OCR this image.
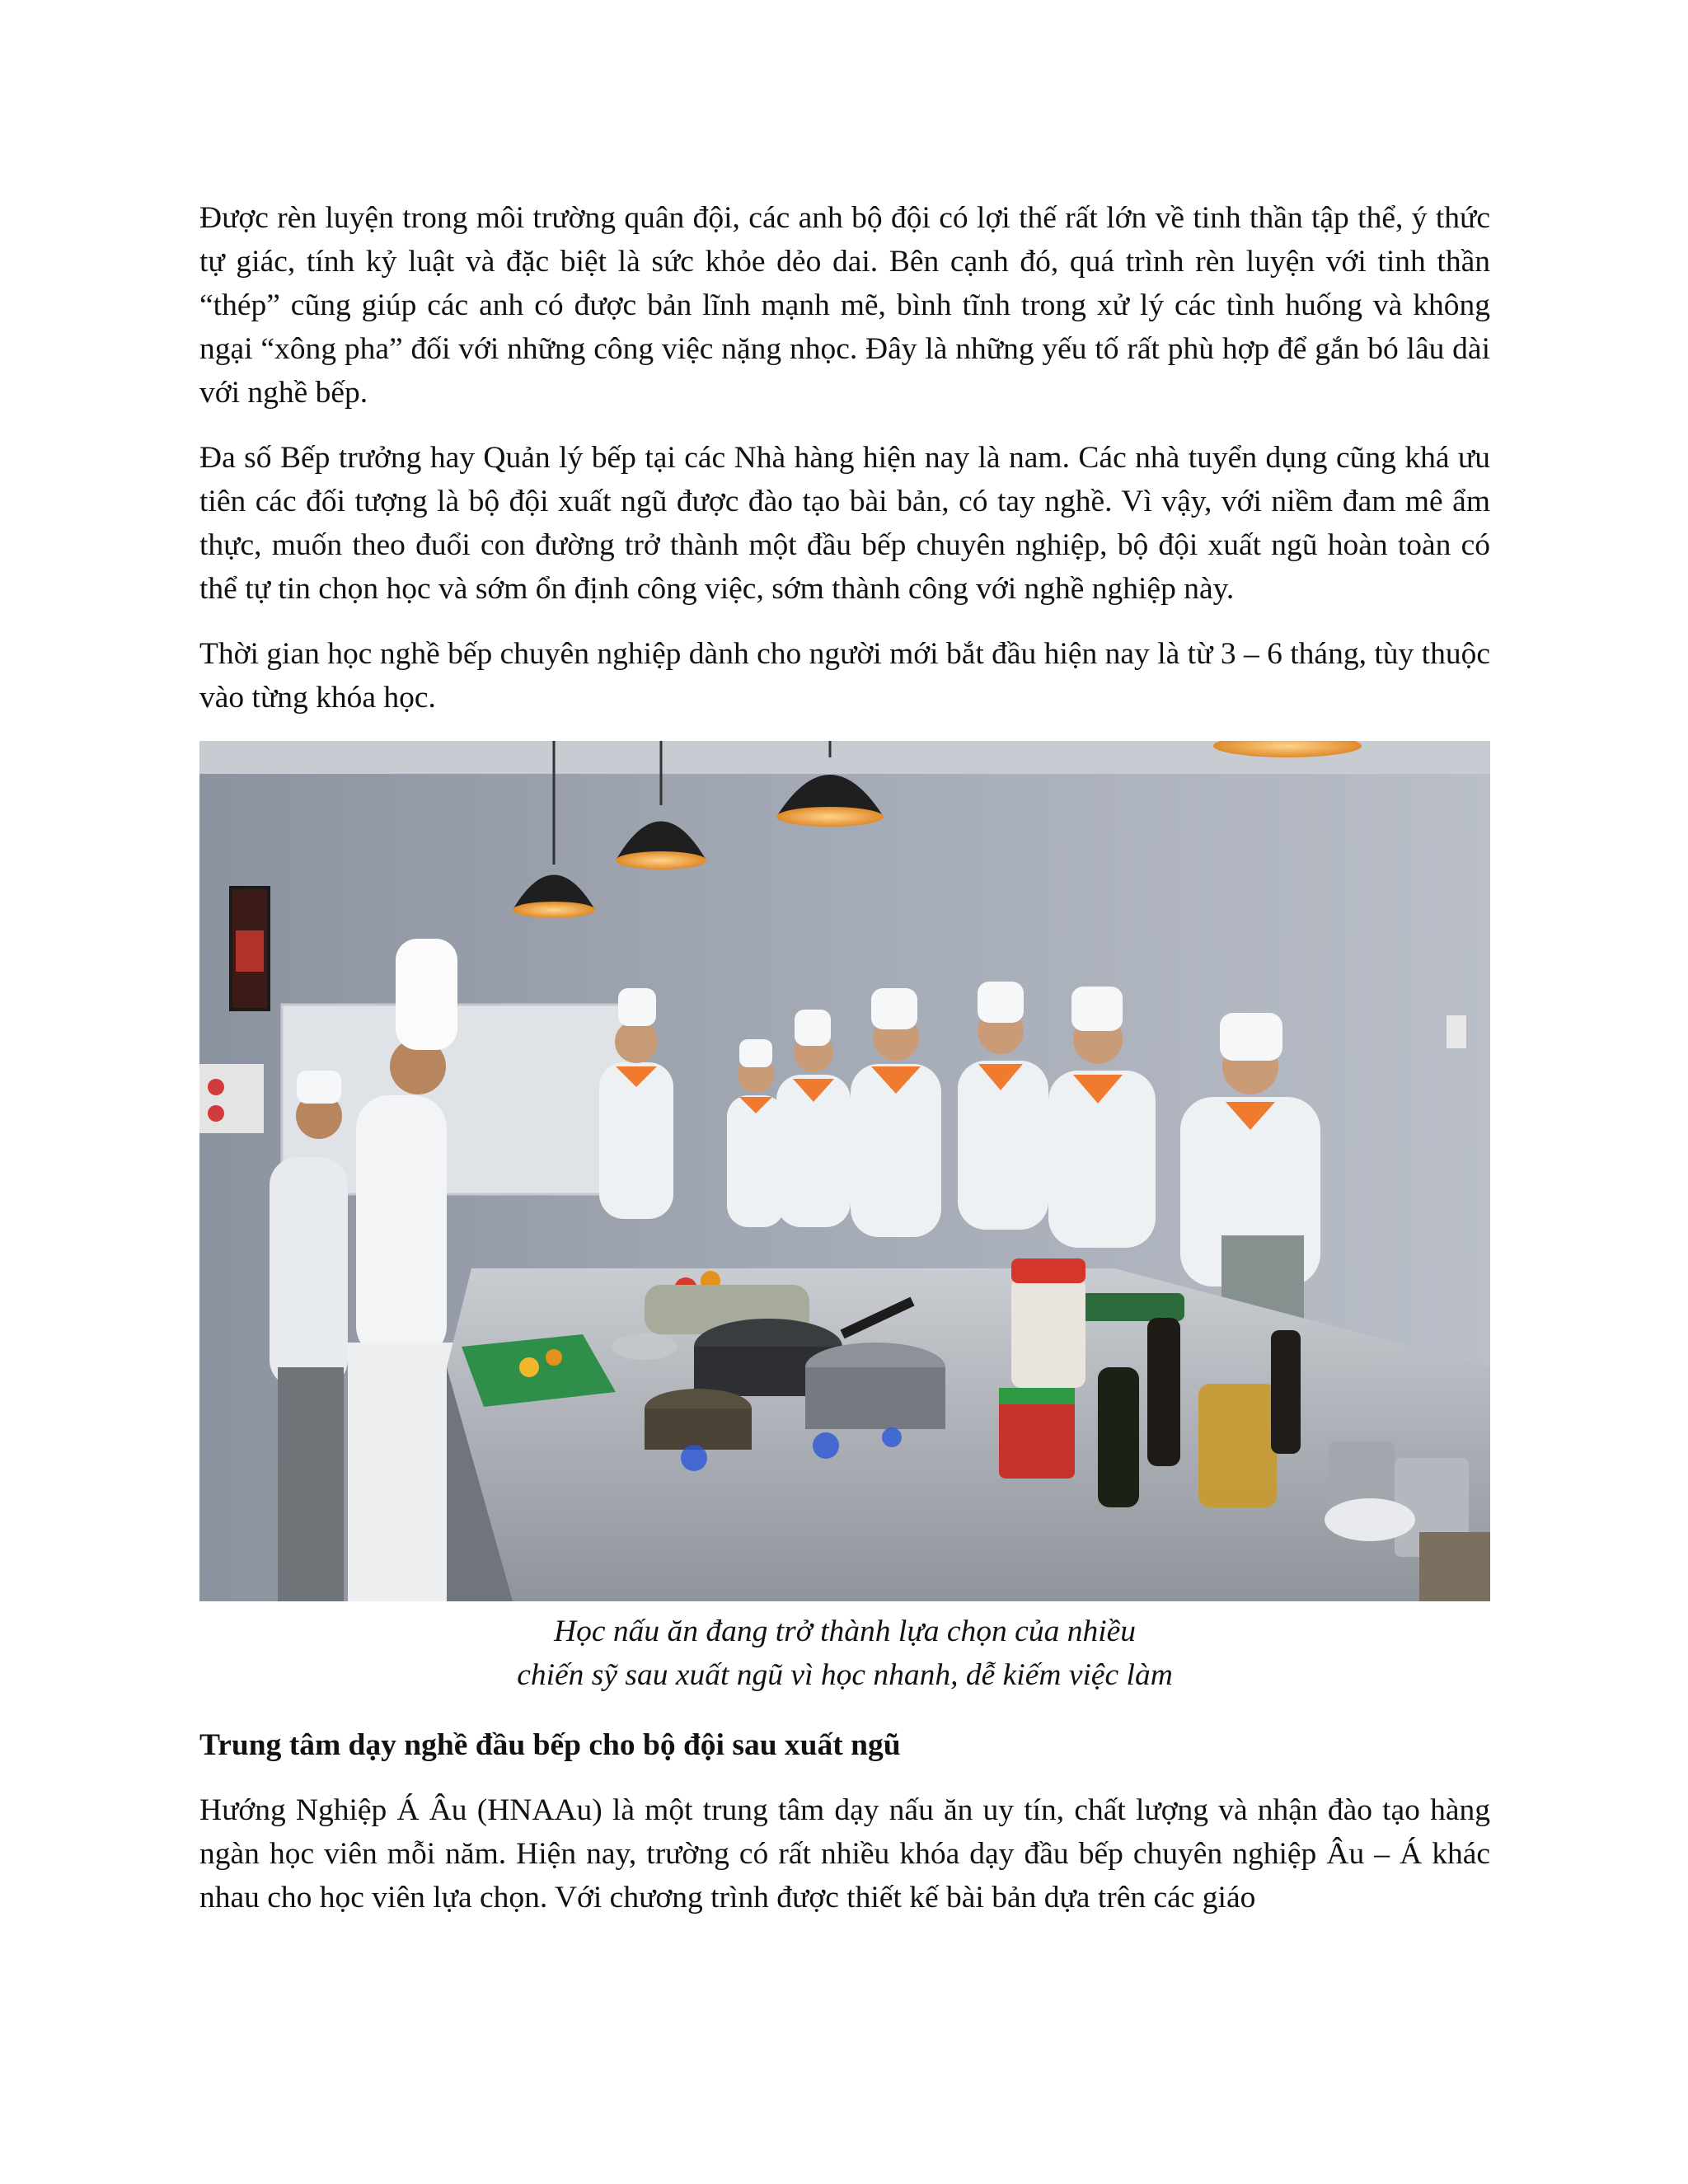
Được rèn luyện trong môi trường quân đội, các anh bộ đội có lợi thế rất lớn về tinh thần tập thể, ý thức tự giác, tính kỷ luật và đặc biệt là sức khỏe dẻo dai. Bên cạnh đó, quá trình rèn luyện với tinh thần “thép” cũng giúp các anh có được bản lĩnh mạnh mẽ, bình tĩnh trong xử lý các tình huống và không ngại “xông pha” đối với những công việc nặng nhọc. Đây là những yếu tố rất phù hợp để gắn bó lâu dài với nghề bếp.

Đa số Bếp trưởng hay Quản lý bếp tại các Nhà hàng hiện nay là nam. Các nhà tuyển dụng cũng khá ưu tiên các đối tượng là bộ đội xuất ngũ được đào tạo bài bản, có tay nghề. Vì vậy, với niềm đam mê ẩm thực, muốn theo đuổi con đường trở thành một đầu bếp chuyên nghiệp, bộ đội xuất ngũ hoàn toàn có thể tự tin chọn học và sớm ổn định công việc, sớm thành công với nghề nghiệp này.

Thời gian học nghề bếp chuyên nghiệp dành cho người mới bắt đầu hiện nay là từ 3 – 6 tháng, tùy thuộc vào từng khóa học.

Học nấu ăn đang trở thành lựa chọn của nhiều
chiến sỹ sau xuất ngũ vì học nhanh, dễ kiếm việc làm
Trung tâm dạy nghề đầu bếp cho bộ đội sau xuất ngũ

Hướng Nghiệp Á Âu (HNAAu) là một trung tâm dạy nấu ăn uy tín, chất lượng và nhận đào tạo hàng ngàn học viên mỗi năm. Hiện nay, trường có rất nhiều khóa dạy đầu bếp chuyên nghiệp Âu – Á khác nhau cho học viên lựa chọn. Với chương trình được thiết kế bài bản dựa trên các giáo
